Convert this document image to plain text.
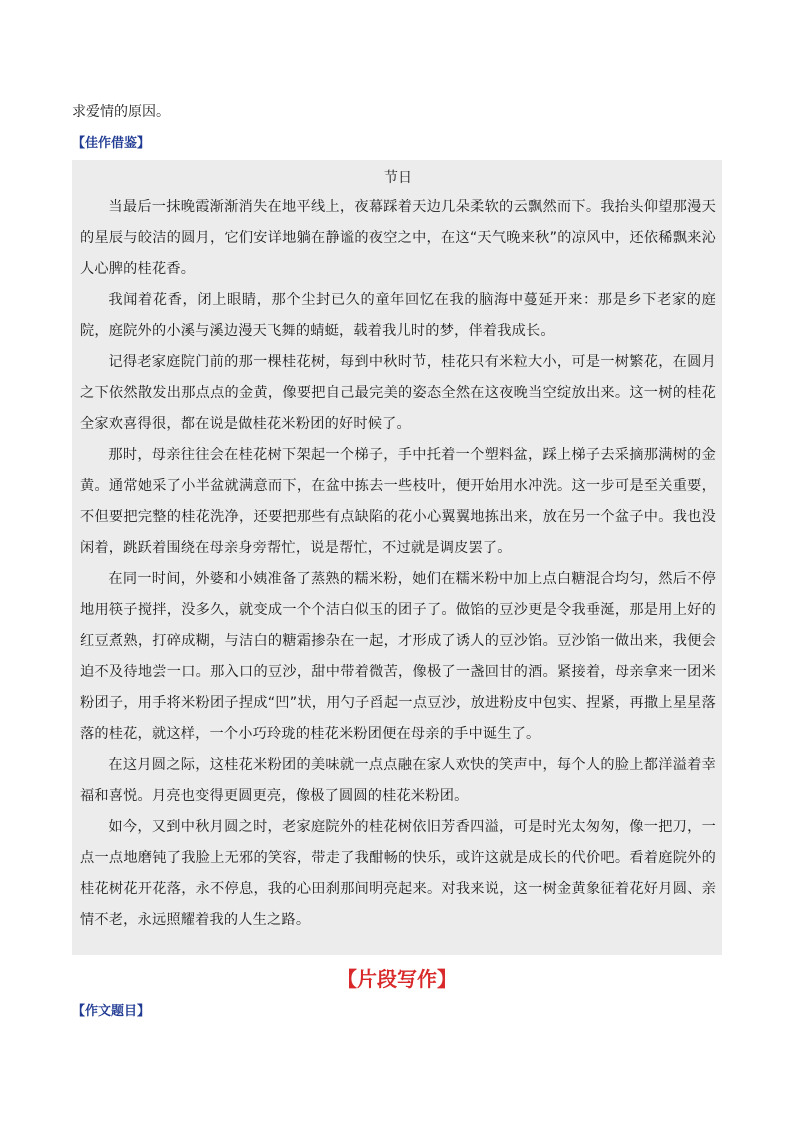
求爱情的原因。
【佳作借鉴】

节日

当最后一抹晚霞渐渐消失在地平线上，夜幕踩着天边几朵柔软的云飘然而下。我抬头仰望那漫天的星辰与皎洁的圆月，它们安详地躺在静谧的夜空之中，在这“天气晚来秋”的凉风中，还依稀飘来沁人心脾的桂花香。

我闻着花香，闭上眼睛，那个尘封已久的童年回忆在我的脑海中蔓延开来：那是乡下老家的庭院，庭院外的小溪与溪边漫天飞舞的蜻蜓，载着我儿时的梦，伴着我成长。

记得老家庭院门前的那一棵桂花树，每到中秋时节，桂花只有米粒大小，可是一树繁花，在圆月之下依然散发出那点点的金黄，像要把自己最完美的姿态全然在这夜晚当空绽放出来。这一树的桂花全家欢喜得很，都在说是做桂花米粉团的好时候了。

那时，母亲往往会在桂花树下架起一个梯子，手中托着一个塑料盆，踩上梯子去采摘那满树的金黄。通常她采了小半盆就满意而下，在盆中拣去一些枝叶，便开始用水冲洗。这一步可是至关重要，不但要把完整的桂花洗净，还要把那些有点缺陷的花小心翼翼地拣出来，放在另一个盆子中。我也没闲着，跳跃着围绕在母亲身旁帮忙，说是帮忙，不过就是调皮罢了。

在同一时间，外婆和小姨准备了蒸熟的糯米粉，她们在糯米粉中加上点白糖混合均匀，然后不停地用筷子搅拌，没多久，就变成一个个洁白似玉的团子了。做馅的豆沙更是令我垂涎，那是用上好的红豆煮熟，打碎成糊，与洁白的糖霜掺杂在一起，才形成了诱人的豆沙馅。豆沙馅一做出来，我便会迫不及待地尝一口。那入口的豆沙，甜中带着微苦，像极了一盏回甘的酒。紧接着，母亲拿来一团米粉团子，用手将米粉团子捏成“凹”状，用勺子舀起一点豆沙，放进粉皮中包实、捏紧，再撒上星星落落的桂花，就这样，一个小巧玲珑的桂花米粉团便在母亲的手中诞生了。

在这月圆之际，这桂花米粉团的美味就一点点融在家人欢快的笑声中，每个人的脸上都洋溢着幸福和喜悦。月亮也变得更圆更亮，像极了圆圆的桂花米粉团。

如今，又到中秋月圆之时，老家庭院外的桂花树依旧芳香四溢，可是时光太匆匆，像一把刀，一点一点地磨钝了我脸上无邪的笑容，带走了我酣畅的快乐，或许这就是成长的代价吧。看着庭院外的桂花树花开花落，永不停息，我的心田刹那间明亮起来。对我来说，这一树金黄象征着花好月圆、亲情不老，永远照耀着我的人生之路。

【片段写作】
【作文题目】
